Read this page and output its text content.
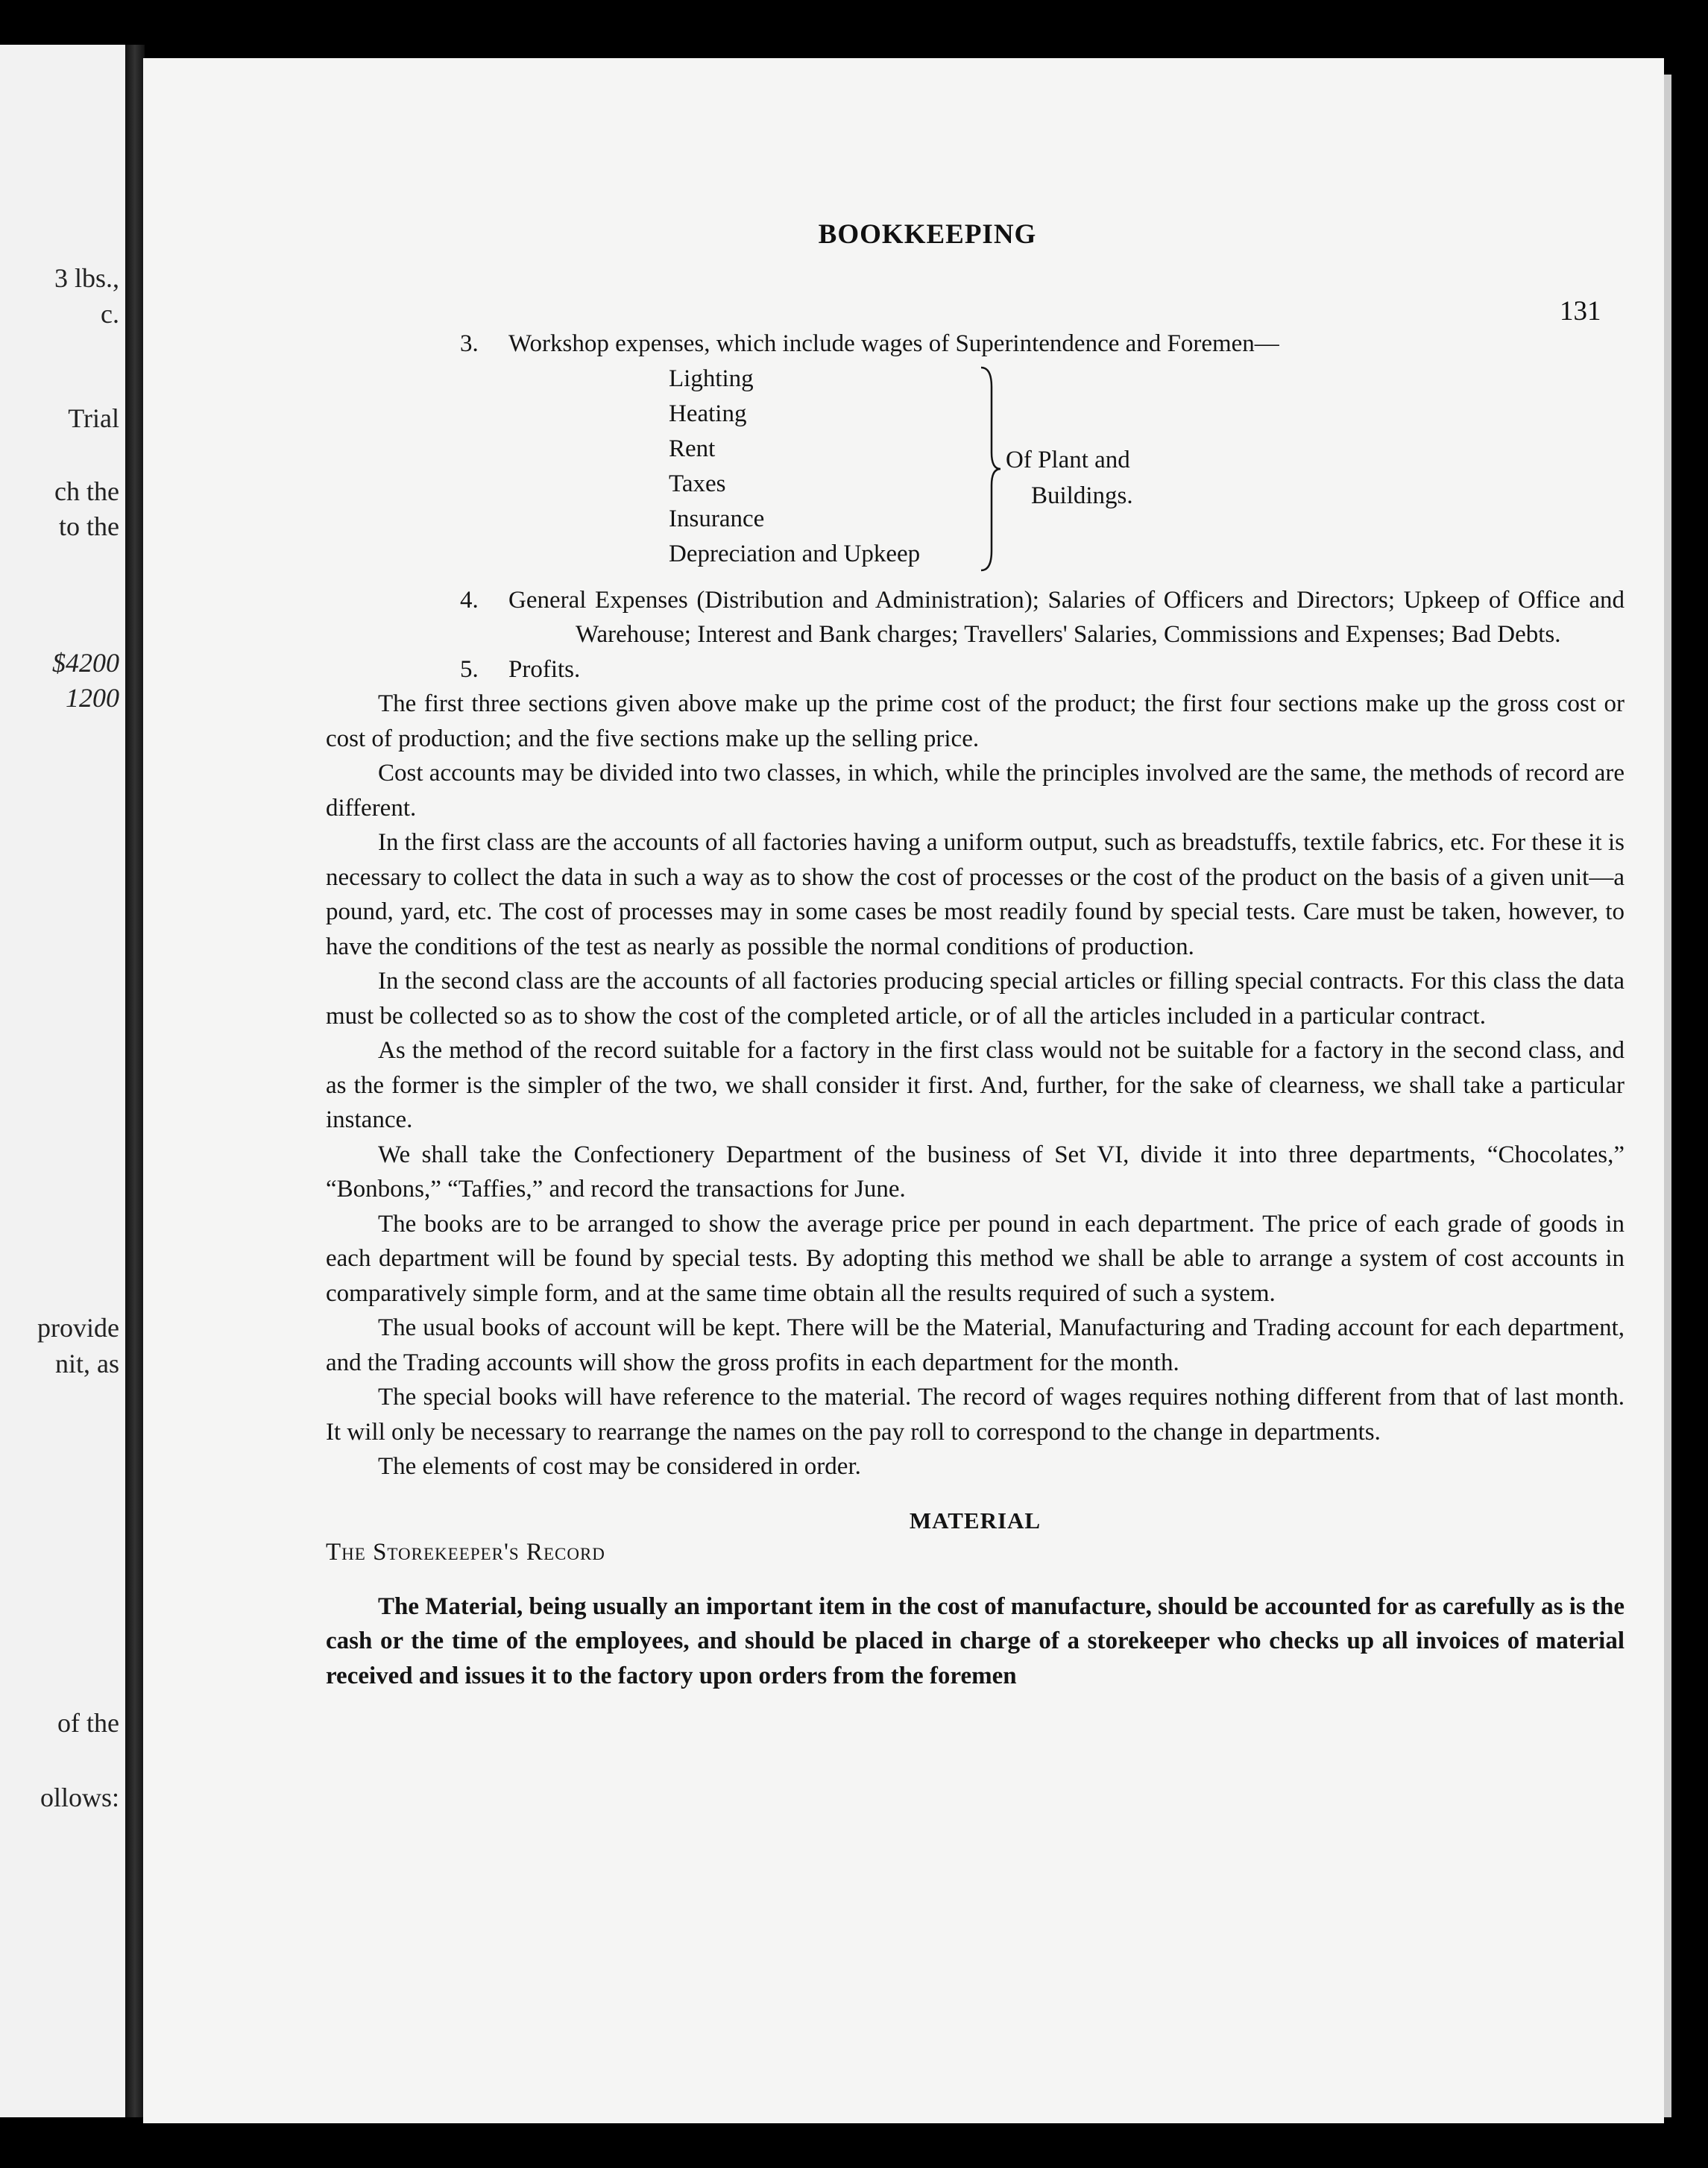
3 lbs.,
c.
Trial
ch the
to the
$4200
1200
provide
nit, as
of the
ollows:
BOOKKEEPING
131
3.	Workshop expenses, which include wages of Superintendence and Foremen—
Lighting
Heating
Rent
Taxes
Insurance
Depreciation and Upkeep
Of Plant and
Buildings.
4.	General Expenses (Distribution and Administration); Salaries of Officers and Directors; Upkeep of Office and Warehouse; Interest and Bank charges; Travellers' Salaries, Commissions and Expenses; Bad Debts.
5.	Profits.

The first three sections given above make up the prime cost of the product; the first four sections make up the gross cost or cost of production; and the five sections make up the selling price.

Cost accounts may be divided into two classes, in which, while the principles involved are the same, the methods of record are different.

In the first class are the accounts of all factories having a uniform output, such as breadstuffs, textile fabrics, etc. For these it is necessary to collect the data in such a way as to show the cost of processes or the cost of the product on the basis of a given unit—a pound, yard, etc. The cost of processes may in some cases be most readily found by special tests. Care must be taken, however, to have the conditions of the test as nearly as possible the normal conditions of production.

In the second class are the accounts of all factories producing special articles or filling special contracts. For this class the data must be collected so as to show the cost of the completed article, or of all the articles included in a particular contract.

As the method of the record suitable for a factory in the first class would not be suitable for a factory in the second class, and as the former is the simpler of the two, we shall consider it first. And, further, for the sake of clearness, we shall take a particular instance.

We shall take the Confectionery Department of the business of Set VI, divide it into three departments, “Chocolates,” “Bonbons,” “Taffies,” and record the transactions for June.

The books are to be arranged to show the average price per pound in each department. The price of each grade of goods in each department will be found by special tests. By adopting this method we shall be able to arrange a system of cost accounts in comparatively simple form, and at the same time obtain all the results required of such a system.

The usual books of account will be kept. There will be the Material, Manufacturing and Trading account for each department, and the Trading accounts will show the gross profits in each department for the month.

The special books will have reference to the material. The record of wages requires nothing different from that of last month. It will only be necessary to rearrange the names on the pay roll to correspond to the change in departments.

The elements of cost may be considered in order.

MATERIAL
The Storekeeper's Record

The Material, being usually an important item in the cost of manufacture, should be accounted for as carefully as is the cash or the time of the employees, and should be placed in charge of a storekeeper who checks up all invoices of material received and issues it to the factory upon orders from the foremen
